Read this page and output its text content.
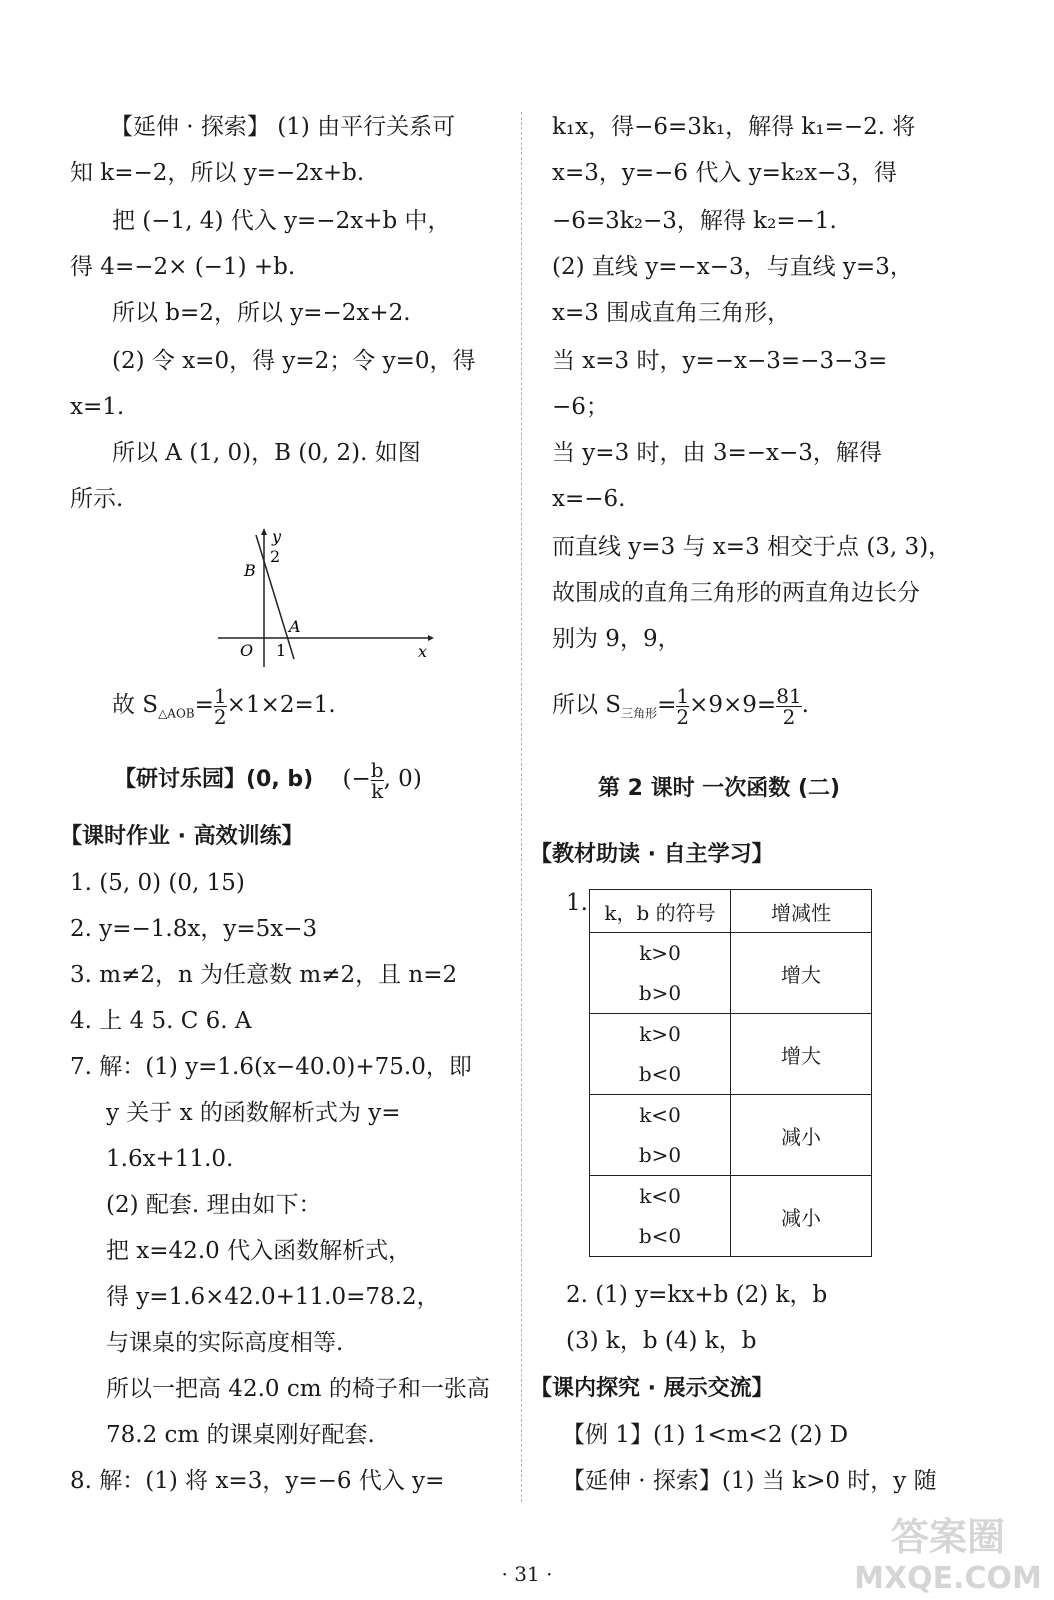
【延伸 · 探索】 (1) 由平行关系可
知 k=−2，所以 y=−2x+b.
把 (−1, 4) 代入 y=−2x+b 中，
得 4=−2× (−1) +b.
所以 b=2，所以 y=−2x+2.
(2) 令 x=0，得 y=2；令 y=0，得
x=1.
所以 A (1, 0)，B (0, 2). 如图
所示.
y
2
B
A
O 1	x
故 $S_{\triangle AOB}= \frac{1}{2} \times 1\times 2=1$.
【研讨乐园】(0, b) (− $\frac{b}{k}$ , 0)
【课时作业 · 高效训练】
1. (5, 0) (0, 15)
2. y=−1.8x，y=5x−3
3. m≠2，n 为任意数 m≠2，且 n=2
4. 上 4 5. C 6. A
7. 解：(1) y=1.6(x−40.0)+75.0，即
y 关于 x 的函数解析式为 y=
1.6x+11.0.
(2) 配套. 理由如下：
把 x=42.0 代入函数解析式，
得 y=1.6×42.0+11.0=78.2，
与课桌的实际高度相等.
所以一把高 42.0 cm 的椅子和一张高
78.2 cm 的课桌刚好配套.
8. 解：(1) 将 x=3，y=−6 代入 y=
k₁x，得−6=3k₁，解得 k₁=−2. 将
x=3，y=−6 代入 y=k₂x−3，得
−6=3k₂−3，解得 k₂=−1.
(2) 直线 y=−x−3，与直线 y=3，
x=3 围成直角三角形，
当 x=3 时，y=−x−3=−3−3=
−6；
当 y=3 时，由 3=−x−3，解得
x=−6.
而直线 y=3 与 x=3 相交于点 (3, 3)，
故围成的直角三角形的两直角边长分
别为 9，9，
所以 $S_{三角形}= \frac{1}{2} \times 9\times 9= \frac{81}{2}$ .
第 2 课时 一次函数 (二)
【教材助读 · 自主学习】
1. k，b 的符号	增减性
k>0
b>0	增大
k>0
b<0	增大
k<0
b>0	减小
k<0
b<0	减小
2. (1) y=kx+b (2) k，b
(3) k，b (4) k，b
【课内探究 · 展示交流】
【例 1】(1) 1<m<2 (2) D
【延伸 · 探索】(1) 当 k>0 时，y 随
· 31 ·
答案圈
MXQE.COM
